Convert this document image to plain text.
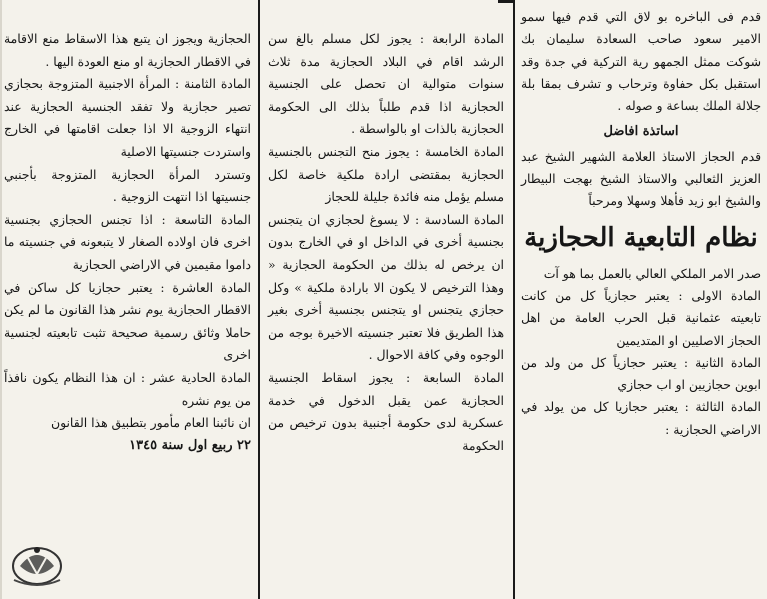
قدم فى الباخره بو لاق التي قدم فيها سمو الامير سعود صاحب السعادة سليمان بك شوكت ممثل الجمهو رية التركية في جدة وقد استقبل بكل حفاوة وترحاب و تشرف بمقا بلة جلالة الملك بساعة و صوله .

اساتذة افاضل

قدم الحجاز الاستاذ العلامة الشهير الشيخ عبد العزيز الثعالبي والاستاذ الشيخ بهجت البيطار والشيخ ابو زيد فأهلا وسهلا ومرحباً

نظام التابعية الحجازية

صدر الامر الملكي العالي بالعمل بما هو آت

المادة الاولى : يعتبر حجازياً كل من كانت تابعيته عثمانية قبل الحرب العامة من اهل الحجاز الاصليين او المتديمين

المادة الثانية : يعتبر حجازياً كل من ولد من ابوين حجازيين او اب حجازي

المادة الثالثة : يعتبر حجازيا كل من يولد في الاراضي الحجازية :

المادة الرابعة : يجوز لكل مسلم بالغ سن الرشد اقام في البلاد الحجازية مدة ثلاث سنوات متوالية ان تحصل على الجنسية الحجازية اذا قدم طلباً بذلك الى الحكومة الحجازية بالذات او بالواسطة .

المادة الخامسة : يجوز منح التجنس بالجنسية الحجازية بمقتضى ارادة ملكية خاصة لكل مسلم يؤمل منه فائدة جليلة للحجاز

المادة السادسة : لا يسوغ لحجازي ان يتجنس بجنسية أخرى في الداخل او في الخارج بدون ان يرخص له بذلك من الحكومة الحجازية « وهذا الترخيص لا يكون الا بارادة ملكية » وكل حجازي يتجنس او يتجنس بجنسية أخرى بغير هذا الطريق فلا تعتبر جنسيته الاخيرة بوجه من الوجوه وفي كافة الاحوال .

المادة السابعة : يجوز اسقاط الجنسية الحجازية عمن يقبل الدخول في خدمة عسكرية لدى حكومة أجنبية بدون ترخيص من الحكومة

الحجازية ويجوز ان يتبع هذا الاسقاط منع الاقامة في الاقطار الحجازية او منع العودة اليها .

المادة الثامنة : المرأة الاجنبية المتزوجة بحجازي تصير حجازية ولا تفقد الجنسية الحجازية عند انتهاء الزوجية الا اذا جعلت اقامتها في الخارج واستردت جنسيتها الاصلية

وتسترد المرأة الحجازية المتزوجة بأجنبي جنسيتها اذا انتهت الزوجية .

المادة التاسعة : اذا تجنس الحجازي بجنسية اخرى فان اولاده الصغار لا يتبعونه في جنسيته ما داموا مقيمين في الاراضي الحجازية

المادة العاشرة : يعتبر حجازيا كل ساكن في الاقطار الحجازية يوم نشر هذا القانون ما لم يكن حاملا وثائق رسمية صحيحة تثبت تابعيته لجنسية اخرى

المادة الحادية عشر : ان هذا النظام يكون نافذاً من يوم نشره

ان نائبنا العام مأمور بتطبيق هذا القانون

٢٢ ربيع اول سنة ١٣٤٥
